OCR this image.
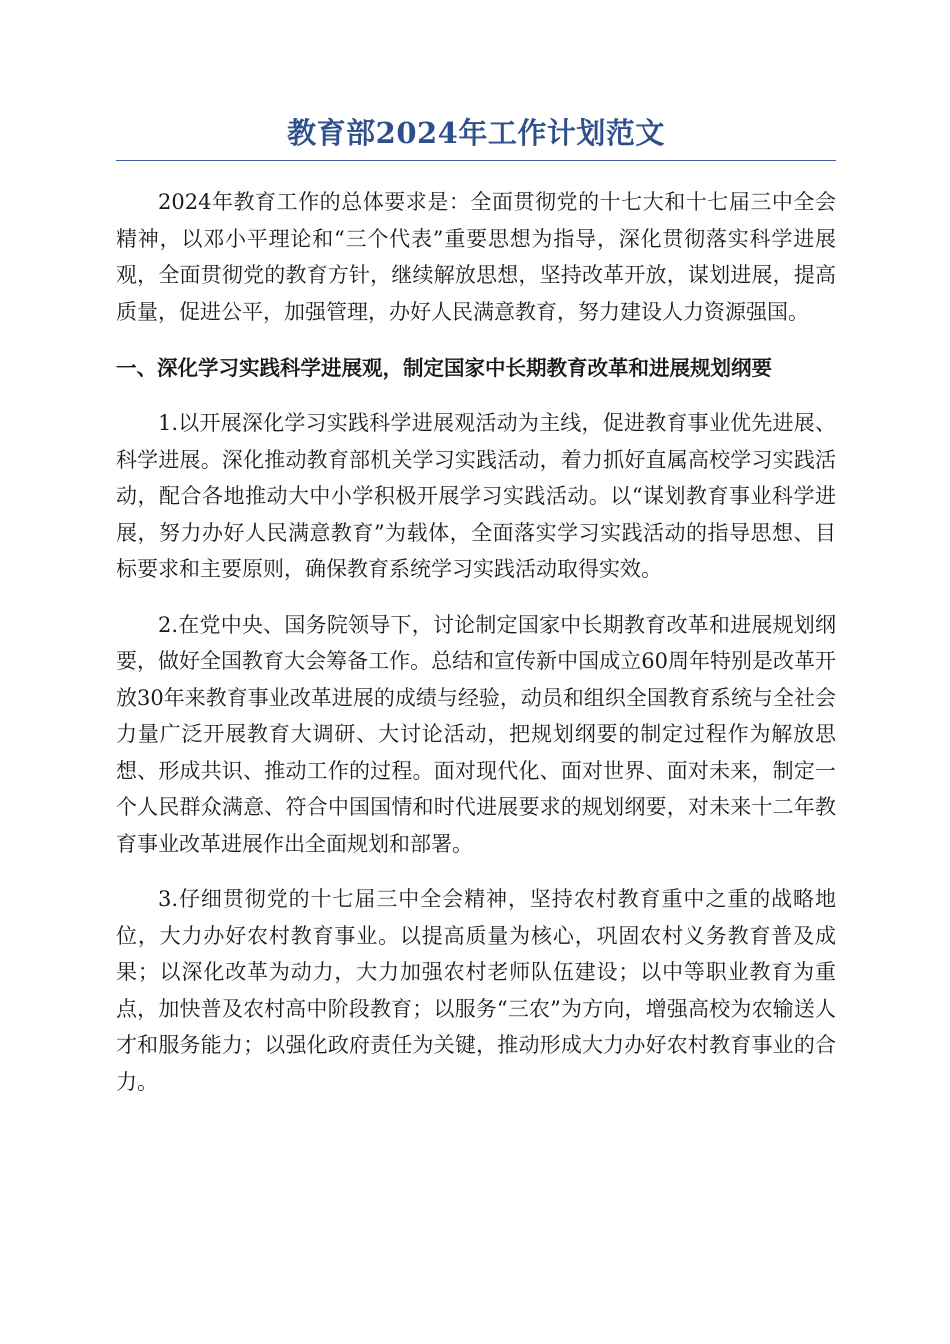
教育部2024年工作计划范文

2024年教育工作的总体要求是：全面贯彻党的十七大和十七届三中全会精神，以邓小平理论和“三个代表”重要思想为指导，深化贯彻落实科学进展观，全面贯彻党的教育方针，继续解放思想，坚持改革开放，谋划进展，提高质量，促进公平，加强管理，办好人民满意教育，努力建设人力资源强国。

一、深化学习实践科学进展观，制定国家中长期教育改革和进展规划纲要

1.以开展深化学习实践科学进展观活动为主线，促进教育事业优先进展、科学进展。深化推动教育部机关学习实践活动，着力抓好直属高校学习实践活动，配合各地推动大中小学积极开展学习实践活动。以“谋划教育事业科学进展，努力办好人民满意教育”为载体，全面落实学习实践活动的指导思想、目标要求和主要原则，确保教育系统学习实践活动取得实效。

2.在党中央、国务院领导下，讨论制定国家中长期教育改革和进展规划纲要，做好全国教育大会筹备工作。总结和宣传新中国成立60周年特别是改革开放30年来教育事业改革进展的成绩与经验，动员和组织全国教育系统与全社会力量广泛开展教育大调研、大讨论活动，把规划纲要的制定过程作为解放思想、形成共识、推动工作的过程。面对现代化、面对世界、面对未来，制定一个人民群众满意、符合中国国情和时代进展要求的规划纲要，对未来十二年教育事业改革进展作出全面规划和部署。

3.仔细贯彻党的十七届三中全会精神，坚持农村教育重中之重的战略地位，大力办好农村教育事业。以提高质量为核心，巩固农村义务教育普及成果；以深化改革为动力，大力加强农村老师队伍建设；以中等职业教育为重点，加快普及农村高中阶段教育；以服务“三农”为方向，增强高校为农输送人才和服务能力；以强化政府责任为关键，推动形成大力办好农村教育事业的合力。
